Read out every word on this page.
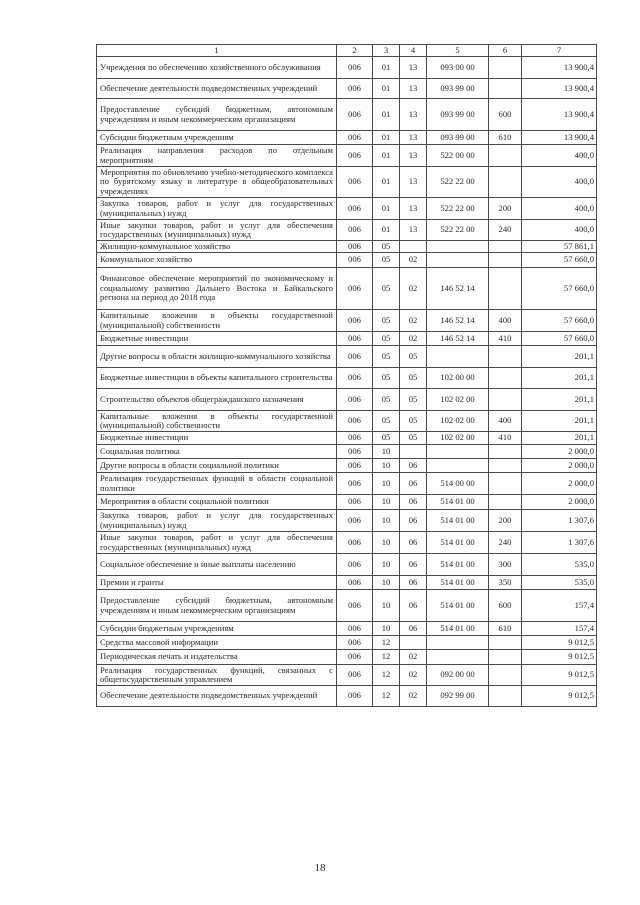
1	2	3	4	5	6	7
Учреждения по обеспечению хозяйственного обслуживания	006	01	13	093 00 00		13 900,4
Обеспечение деятельности подведомственных учреждений	006	01	13	093 99 00		13 900,4
Предоставление субсидий бюджетным, автономным учреждениям и иным некоммерческим организациям	006	01	13	093 99 00	600	13 900,4
Субсидии бюджетным учреждениям	006	01	13	093 99 00	610	13 900,4
Реализация направления расходов по отдельным мероприятиям	006	01	13	522 00 00		400,0
Мероприятия по обновлению учебно-методического комплекса по бурятскому языку и литературе в общеобразовательных учреждениях	006	01	13	522 22 00		400,0
Закупка товаров, работ и услуг для государственных (муниципальных) нужд	006	01	13	522 22 00	200	400,0
Иные закупки товаров, работ и услуг для обеспечения государственных (муниципальных) нужд	006	01	13	522 22 00	240	400,0
Жилищно-коммунальное хозяйство	006	05				57 861,1
Коммунальное хозяйство	006	05	02			57 660,0
Финансовое обеспечение мероприятий по экономическому и социальному развитию Дальнего Востока и Байкальского региона на период до 2018 года	006	05	02	146 52 14		57 660,0
Капитальные вложения в объекты государственной (муниципальной) собственности	006	05	02	146 52 14	400	57 660,0
Бюджетные инвестиции	006	05	02	146 52 14	410	57 660,0
Другие вопросы в области жилищно-коммунального хозяйства	006	05	05			201,1
Бюджетные инвестиции в объекты капитального строительства	006	05	05	102 00 00		201,1
Строительство объектов общегражданского назначения	006	05	05	102 02 00		201,1
Капитальные вложения в объекты государственной (муниципальной) собственности	006	05	05	102 02 00	400	201,1
Бюджетные инвестиции	006	05	05	102 02 00	410	201,1
Социальная политика	006	10				2 000,0
Другие вопросы в области социальной политики	006	10	06			2 000,0
Реализация государственных функций в области социальной политики	006	10	06	514 00 00		2 000,0
Мероприятия в области социальной политики	006	10	06	514 01 00		2 000,0
Закупка товаров, работ и услуг для государственных (муниципальных) нужд	006	10	06	514 01 00	200	1 307,6
Иные закупки товаров, работ и услуг для обеспечения государственных (муниципальных) нужд	006	10	06	514 01 00	240	1 307,6
Социальное обеспечение и иные выплаты населению	006	10	06	514 01 00	300	535,0
Премии и гранты	006	10	06	514 01 00	350	535,0
Предоставление субсидий бюджетным, автономным учреждениям и иным некоммерческим организациям	006	10	06	514 01 00	600	157,4
Субсидии бюджетным учреждениям	006	10	06	514 01 00	610	157,4
Средства массовой информации	006	12				9 012,5
Периодическая печать и издательства	006	12	02			9 012,5
Реализация государственных функций, связанных с общегосударственным управлением	006	12	02	092 00 00		9 012,5
Обеспечение деятельности подведомственных учреждений	006	12	02	092 99 00		9 012,5
18
